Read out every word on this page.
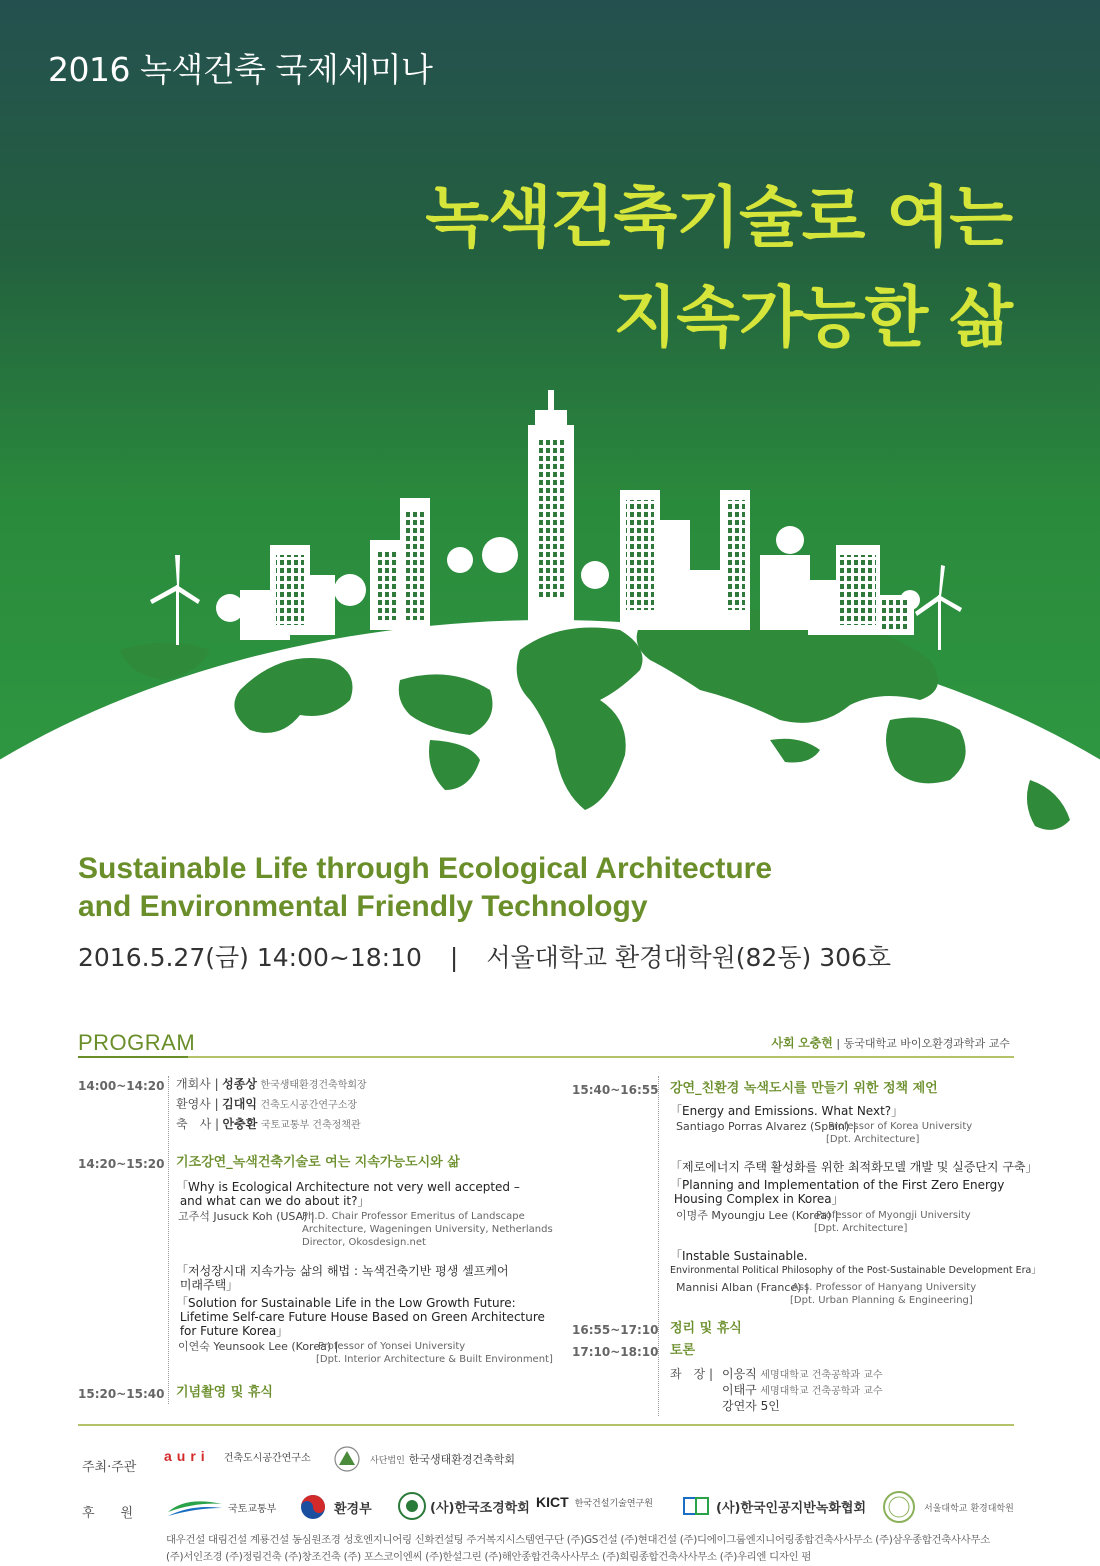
2016 녹색건축 국제세미나
녹색건축기술로 여는
지속가능한 삶
Sustainable Life through Ecological Architecture
and Environmental Friendly Technology
2016.5.27(금) 14:00~18:10 | 서울대학교 환경대학원(82동) 306호
PROGRAM	사회 오충현 | 동국대학교 바이오환경과학과 교수
14:00~14:20 개회사 | 성종상 한국생태환경건축학회장
환영사 | 김대익 건축도시공간연구소장
축　사 | 안충환 국토교통부 건축정책관
14:20~15:20 기조강연_녹색건축기술로 여는 지속가능도시와 삶
「Why is Ecological Architecture not very well accepted –
and what can we do about it?」
고주석 Jusuck Koh (USA) |
Ph.D. Chair Professor Emeritus of Landscape
Architecture, Wageningen University, Netherlands
Director, Okosdesign.net
「저성장시대 지속가능 삶의 해법 : 녹색건축기반 평생 셀프케어
미래주택」
「Solution for Sustainable Life in the Low Growth Future:
Lifetime Self-care Future House Based on Green Architecture
for Future Korea」
이연숙 Yeunsook Lee (Korea) |
Professor of Yonsei University
[Dpt. Interior Architecture & Built Environment]
15:20~15:40 기념촬영 및 휴식
15:40~16:55 강연_친환경 녹색도시를 만들기 위한 정책 제언
「Energy and Emissions. What Next?」
Santiago Porras Alvarez (Spain) |
Professor of Korea University
[Dpt. Architecture]
「제로에너지 주택 활성화를 위한 최적화모델 개발 및 실증단지 구축」
「Planning and Implementation of the First Zero Energy
Housing Complex in Korea」
이명주 Myoungju Lee (Korea) |
Professor of Myongji University
[Dpt. Architecture]
「Instable Sustainable.
Environmental Political Philosophy of the Post-Sustainable Development Era」
Mannisi Alban (France) |
Ass. Professor of Hanyang University
[Dpt. Urban Planning & Engineering]
16:55~17:10 정리 및 휴식
17:10~18:10 토론
좌　장 | 이응직 세명대학교 건축공학과 교수
이태구 세명대학교 건축공학과 교수
강연자 5인
주최·주관
auri 건축도시공간연구소	사단법인 한국생태환경건축학회
후　　원	국토교통부	환경부	(사)한국조경학회 KICT 한국건설기술연구원	(사)한국인공지반녹화협회	서울대학교 환경대학원
대우건설 대림건설 계룡건설 동심원조경 성호엔지니어링 신화컨설팅 주거복지시스템연구단 (주)GS건설 (주)현대건설 (주)디에이그룹엔지니어링종합건축사사무소 (주)삼우종합건축사사무소
(주)서인조경 (주)정림건축 (주)창조건축 (주) 포스코이엔씨 (주)한설그린 (주)해안종합건축사사무소 (주)희림종합건축사사무소 (주)우리엔 디자인 펌
